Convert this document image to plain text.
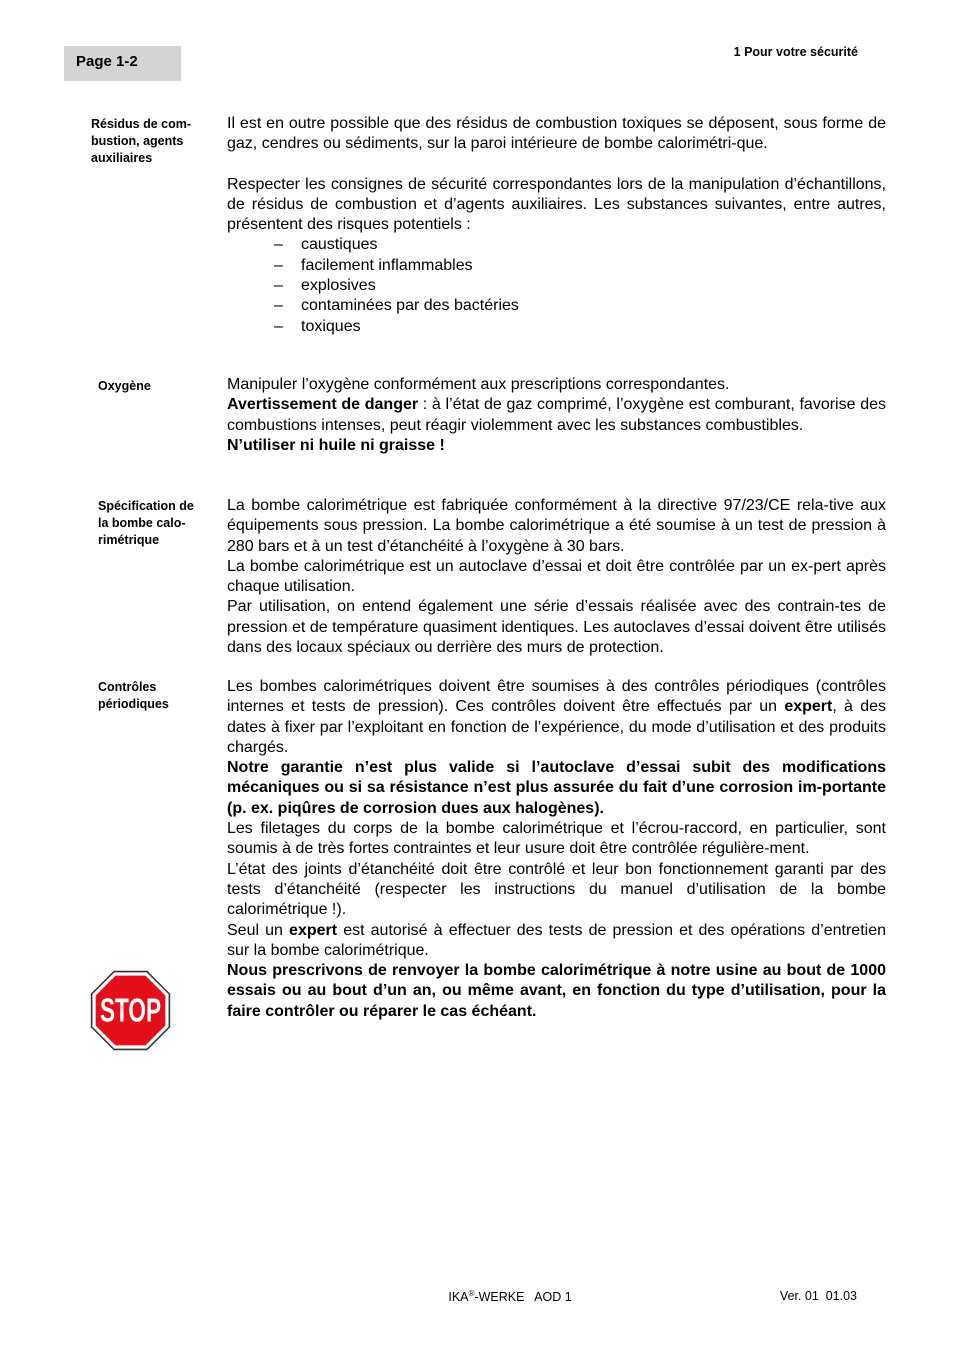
Page 1-2
1 Pour votre sécurité
Résidus de com-
bustion, agents
auxiliaires

Il est en outre possible que des résidus de combustion toxiques se déposent, sous forme de gaz, cendres ou sédiments, sur la paroi intérieure de bombe calorimétri-que.

Respecter les consignes de sécurité correspondantes lors de la manipulation d’échantillons, de résidus de combustion et d’agents auxiliaires. Les substances suivantes, entre autres, présentent des risques potentiels :

– caustiques
– facilement inflammables
– explosives
– contaminées par des bactéries
– toxiques
Oxygène	Manipuler l’oxygène conformément aux prescriptions correspondantes.

Avertissement de danger : à l’état de gaz comprimé, l’oxygène est comburant, favorise des combustions intenses, peut réagir violemment avec les substances combustibles.

N’utiliser ni huile ni graisse !

Spécification de
la bombe calo-
rimétrique

La bombe calorimétrique est fabriquée conformément à la directive 97/23/CE rela-tive aux équipements sous pression. La bombe calorimétrique a été soumise à un test de pression à 280 bars et à un test d’étanchéité à l’oxygène à 30 bars.

La bombe calorimétrique est un autoclave d’essai et doit être contrôlée par un ex-pert après chaque utilisation.

Par utilisation, on entend également une série d’essais réalisée avec des contrain-tes de pression et de température quasiment identiques. Les autoclaves d’essai doivent être utilisés dans des locaux spéciaux ou derrière des murs de protection.

Contrôles
périodiques

Les bombes calorimétriques doivent être soumises à des contrôles périodiques (contrôles internes et tests de pression). Ces contrôles doivent être effectués par un expert, à des dates à fixer par l’exploitant en fonction de l’expérience, du mode d’utilisation et des produits chargés.

Notre garantie n’est plus valide si l’autoclave d’essai subit des modifications mécaniques ou si sa résistance n’est plus assurée du fait d’une corrosion im-portante (p. ex. piqûres de corrosion dues aux halogènes).

Les filetages du corps de la bombe calorimétrique et l’écrou-raccord, en particulier, sont soumis à de très fortes contraintes et leur usure doit être contrôlée régulière-ment.

L’état des joints d’étanchéité doit être contrôlé et leur bon fonctionnement garanti par des tests d’étanchéité (respecter les instructions du manuel d’utilisation de la bombe calorimétrique !).

Seul un expert est autorisé à effectuer des tests de pression et des opérations d’entretien sur la bombe calorimétrique.

Nous prescrivons de renvoyer la bombe calorimétrique à notre usine au bout de 1000 essais ou au bout d’un an, ou même avant, en fonction du type d’utilisation, pour la faire contrôler ou réparer le cas échéant.

STOP
IKA®-WERKE   AOD 1	Ver. 01  01.03
